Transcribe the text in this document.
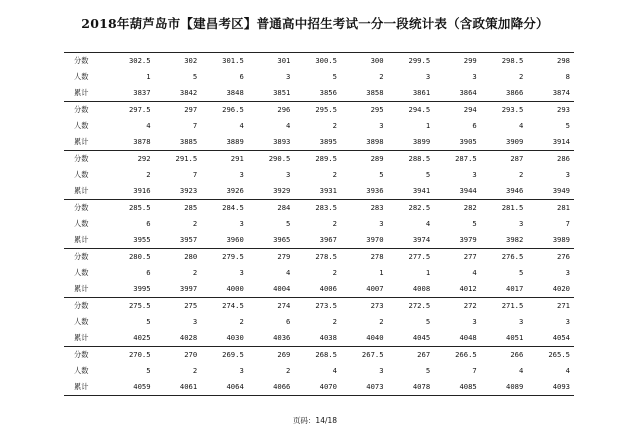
2018年葫芦岛市【建昌考区】普通高中招生考试一分一段统计表（含政策加降分）
分数	302.5	302	301.5	301	300.5	300	299.5	299	298.5	298
人数	1	5	6	3	5	2	3	3	2	8
累计	3837	3842	3848	3851	3856	3858	3861	3864	3866	3874
分数	297.5	297	296.5	296	295.5	295	294.5	294	293.5	293
人数	4	7	4	4	2	3	1	6	4	5
累计	3878	3885	3889	3893	3895	3898	3899	3905	3909	3914
分数	292	291.5	291	290.5	289.5	289	288.5	287.5	287	286
人数	2	7	3	3	2	5	5	3	2	3
累计	3916	3923	3926	3929	3931	3936	3941	3944	3946	3949
分数	285.5	285	284.5	284	283.5	283	282.5	282	281.5	281
人数	6	2	3	5	2	3	4	5	3	7
累计	3955	3957	3960	3965	3967	3970	3974	3979	3982	3989
分数	280.5	280	279.5	279	278.5	278	277.5	277	276.5	276
人数	6	2	3	4	2	1	1	4	5	3
累计	3995	3997	4000	4004	4006	4007	4008	4012	4017	4020
分数	275.5	275	274.5	274	273.5	273	272.5	272	271.5	271
人数	5	3	2	6	2	2	5	3	3	3
累计	4025	4028	4030	4036	4038	4040	4045	4048	4051	4054
分数	270.5	270	269.5	269	268.5	267.5	267	266.5	266	265.5
人数	5	2	3	2	4	3	5	7	4	4
累计	4059	4061	4064	4066	4070	4073	4078	4085	4089	4093
页码：14/18
